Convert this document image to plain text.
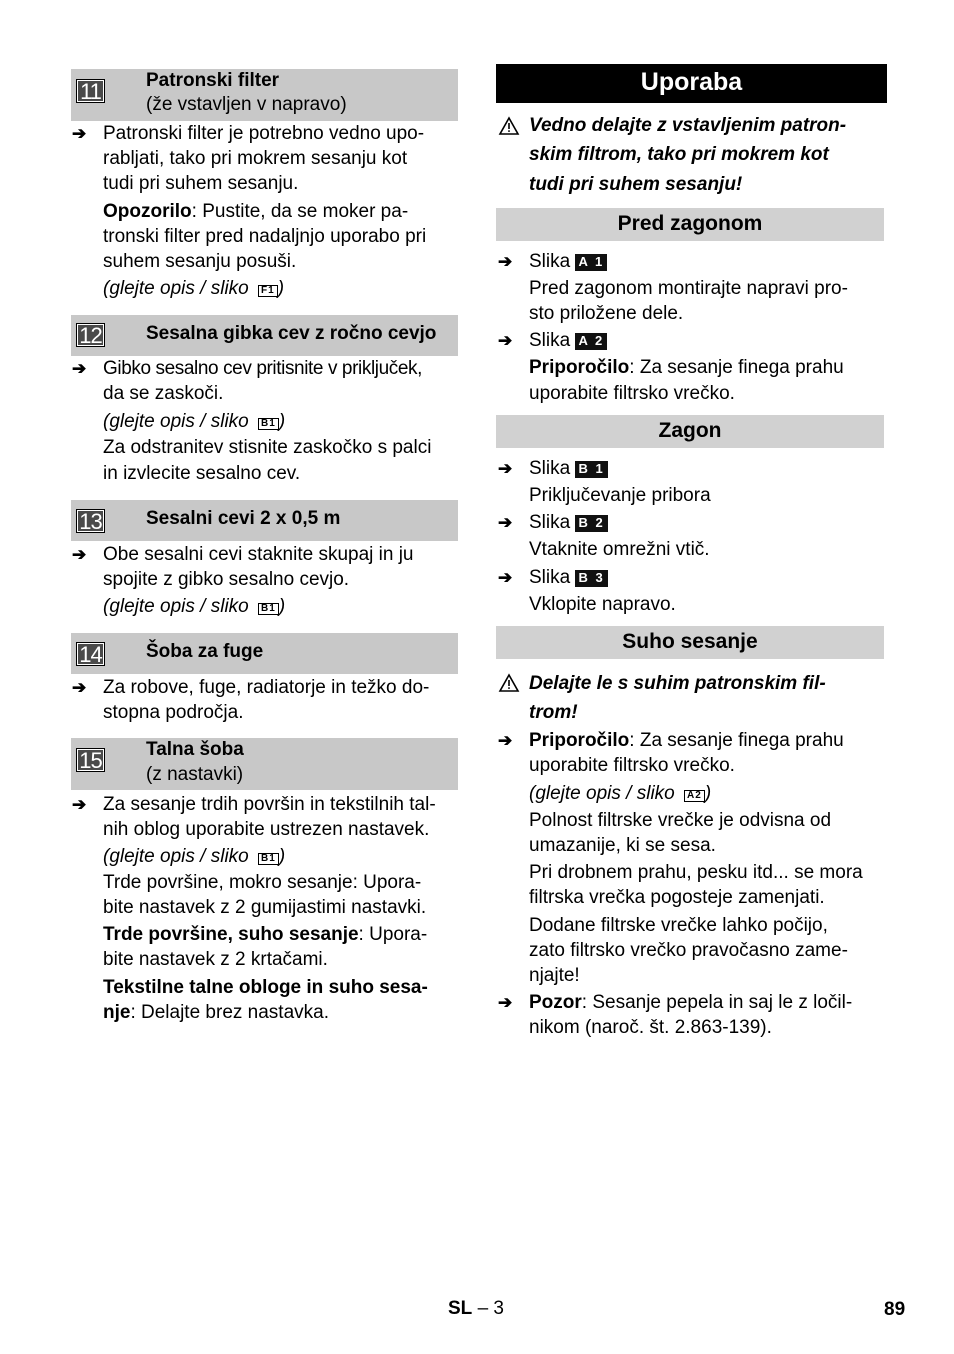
11 Patronski filter
(že vstavljen v napravo)
➔ Patronski filter je potrebno vedno upo-
rabljati, tako pri mokrem sesanju kot
tudi pri suhem sesanju.
Opozorilo: Pustite, da se moker pa-
tronski filter pred nadaljnjo uporabo pri
suhem sesanju posuši.
(glejte opis / sliko F1 )
12 Sesalna gibka cev z ročno cevjo
➔ Gibko sesalno cev pritisnite v priključek,
da se zaskoči.
(glejte opis / sliko B1 )
Za odstranitev stisnite zaskočko s palci
in izvlecite sesalno cev.
13 Sesalni cevi 2 x 0,5 m
➔ Obe sesalni cevi staknite skupaj in ju
spojite z gibko sesalno cevjo.
(glejte opis / sliko B1 )
14 Šoba za fuge
➔ Za robove, fuge, radiatorje in težko do-
stopna področja.
15 Talna šoba
(z nastavki)
➔ Za sesanje trdih površin in tekstilnih tal-
nih oblog uporabite ustrezen nastavek.
(glejte opis / sliko B1 )
Trde površine, mokro sesanje: Upora-
bite nastavek z 2 gumijastimi nastavki.
Trde površine, suho sesanje: Upora-
bite nastavek z 2 krtačami.
Tekstilne talne obloge in suho sesa-
nje: Delajte brez nastavka.
Uporaba
Vedno delajte z vstavljenim patron-
skim filtrom, tako pri mokrem kot
tudi pri suhem sesanju!
Pred zagonom
➔ Slika A 1
Pred zagonom montirajte napravi pro-
sto priložene dele.
➔ Slika A 2
Priporočilo: Za sesanje finega prahu
uporabite filtrsko vrečko.
Zagon
➔ Slika B 1
Priključevanje pribora
➔ Slika B 2
Vtaknite omrežni vtič.
➔ Slika B 3
Vklopite napravo.
Suho sesanje
Delajte le s suhim patronskim fil-
trom!
➔ Priporočilo: Za sesanje finega prahu
uporabite filtrsko vrečko.
(glejte opis / sliko A2 )
Polnost filtrske vrečke je odvisna od
umazanije, ki se sesa.
Pri drobnem prahu, pesku itd... se mora
filtrska vrečka pogosteje zamenjati.
Dodane filtrske vrečke lahko počijo,
zato filtrsko vrečko pravočasno zame-
njajte!
➔ Pozor: Sesanje pepela in saj le z ločil-
nikom (naroč. št. 2.863-139).
SL – 3	89
